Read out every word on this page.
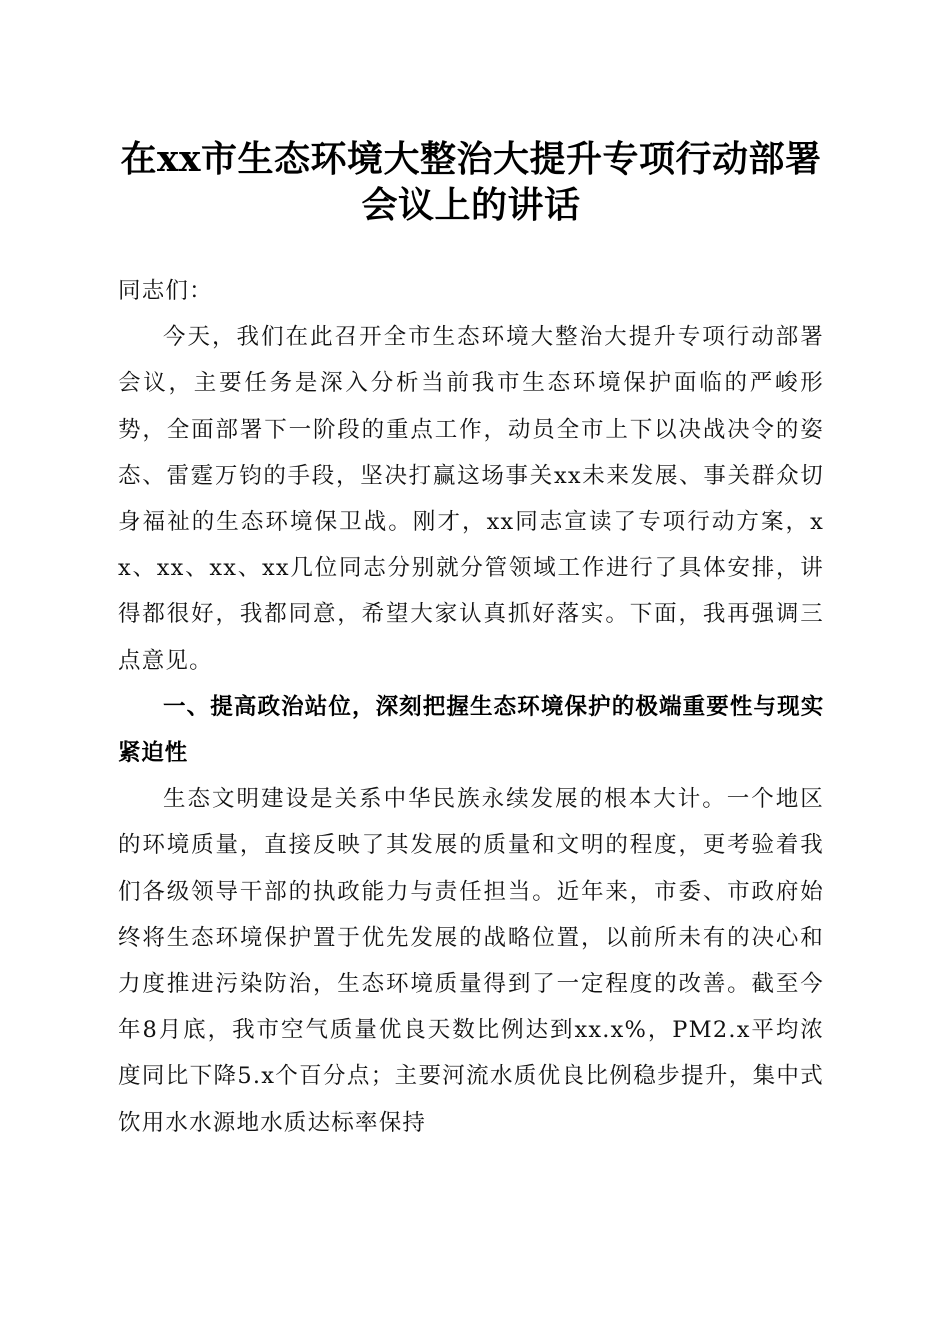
在xx市生态环境大整治大提升专项行动部署
会议上的讲话

同志们：

今天，我们在此召开全市生态环境大整治大提升专项行动部署会议，主要任务是深入分析当前我市生态环境保护面临的严峻形势，全面部署下一阶段的重点工作，动员全市上下以决战决令的姿态、雷霆万钧的手段，坚决打赢这场事关xx未来发展、事关群众切身福祉的生态环境保卫战。刚才，xx同志宣读了专项行动方案，xx、xx、xx、xx几位同志分别就分管领域工作进行了具体安排，讲得都很好，我都同意，希望大家认真抓好落实。下面，我再强调三点意见。

一、提高政治站位，深刻把握生态环境保护的极端重要性与现实紧迫性

生态文明建设是关系中华民族永续发展的根本大计。一个地区的环境质量，直接反映了其发展的质量和文明的程度，更考验着我们各级领导干部的执政能力与责任担当。近年来，市委、市政府始终将生态环境保护置于优先发展的战略位置，以前所未有的决心和力度推进污染防治，生态环境质量得到了一定程度的改善。截至今年8月底，我市空气质量优良天数比例达到xx.x%，PM2.x平均浓度同比下降5.x个百分点；主要河流水质优良比例稳步提升，集中式饮用水水源地水质达标率保持
